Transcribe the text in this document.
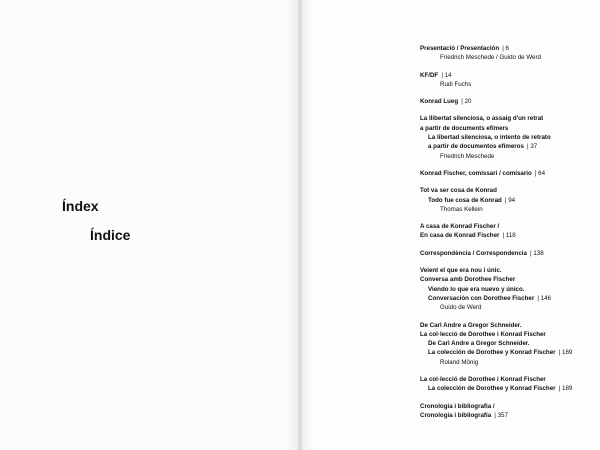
Índex
Índice
Presentació / Presentación  | 6
Friedrich Meschede / Guido de Werd
KF/DF  | 14
Rudi Fuchs
Konrad Lueg  | 20
La llibertat silenciosa, o assaig d'un retrat
a partir de documents efímers
La libertad silenciosa, o intento de retrato
a partir de documentos efímeros  | 37
Friedrich Meschede
Konrad Fischer, comissari / comisario  | 64
Tot va ser cosa de Konrad
Todo fue cosa de Konrad  | 94
Thomas Kellein
A casa de Konrad Fischer /
En casa de Konrad Fischer  | 118
Correspondència / Correspondencia  | 138
Veient el que era nou i únic.
Conversa amb Dorothee Fischer
Viendo lo que era nuevo y único.
Conversación con Dorothee Fischer  | 146
Guido de Werd
De Carl Andre a Gregor Schneider.
La col·lecció de Dorothee i Konrad Fischer
De Carl Andre a Gregor Schneider.
La colección de Dorothee y Konrad Fischer  | 169
Roland Mönig
La col·lecció de Dorothee i Konrad Fischer
La colección de Dorothee y Konrad Fischer  | 189
Cronologia i bibliografia /
Cronología i bibliografía  | 357
